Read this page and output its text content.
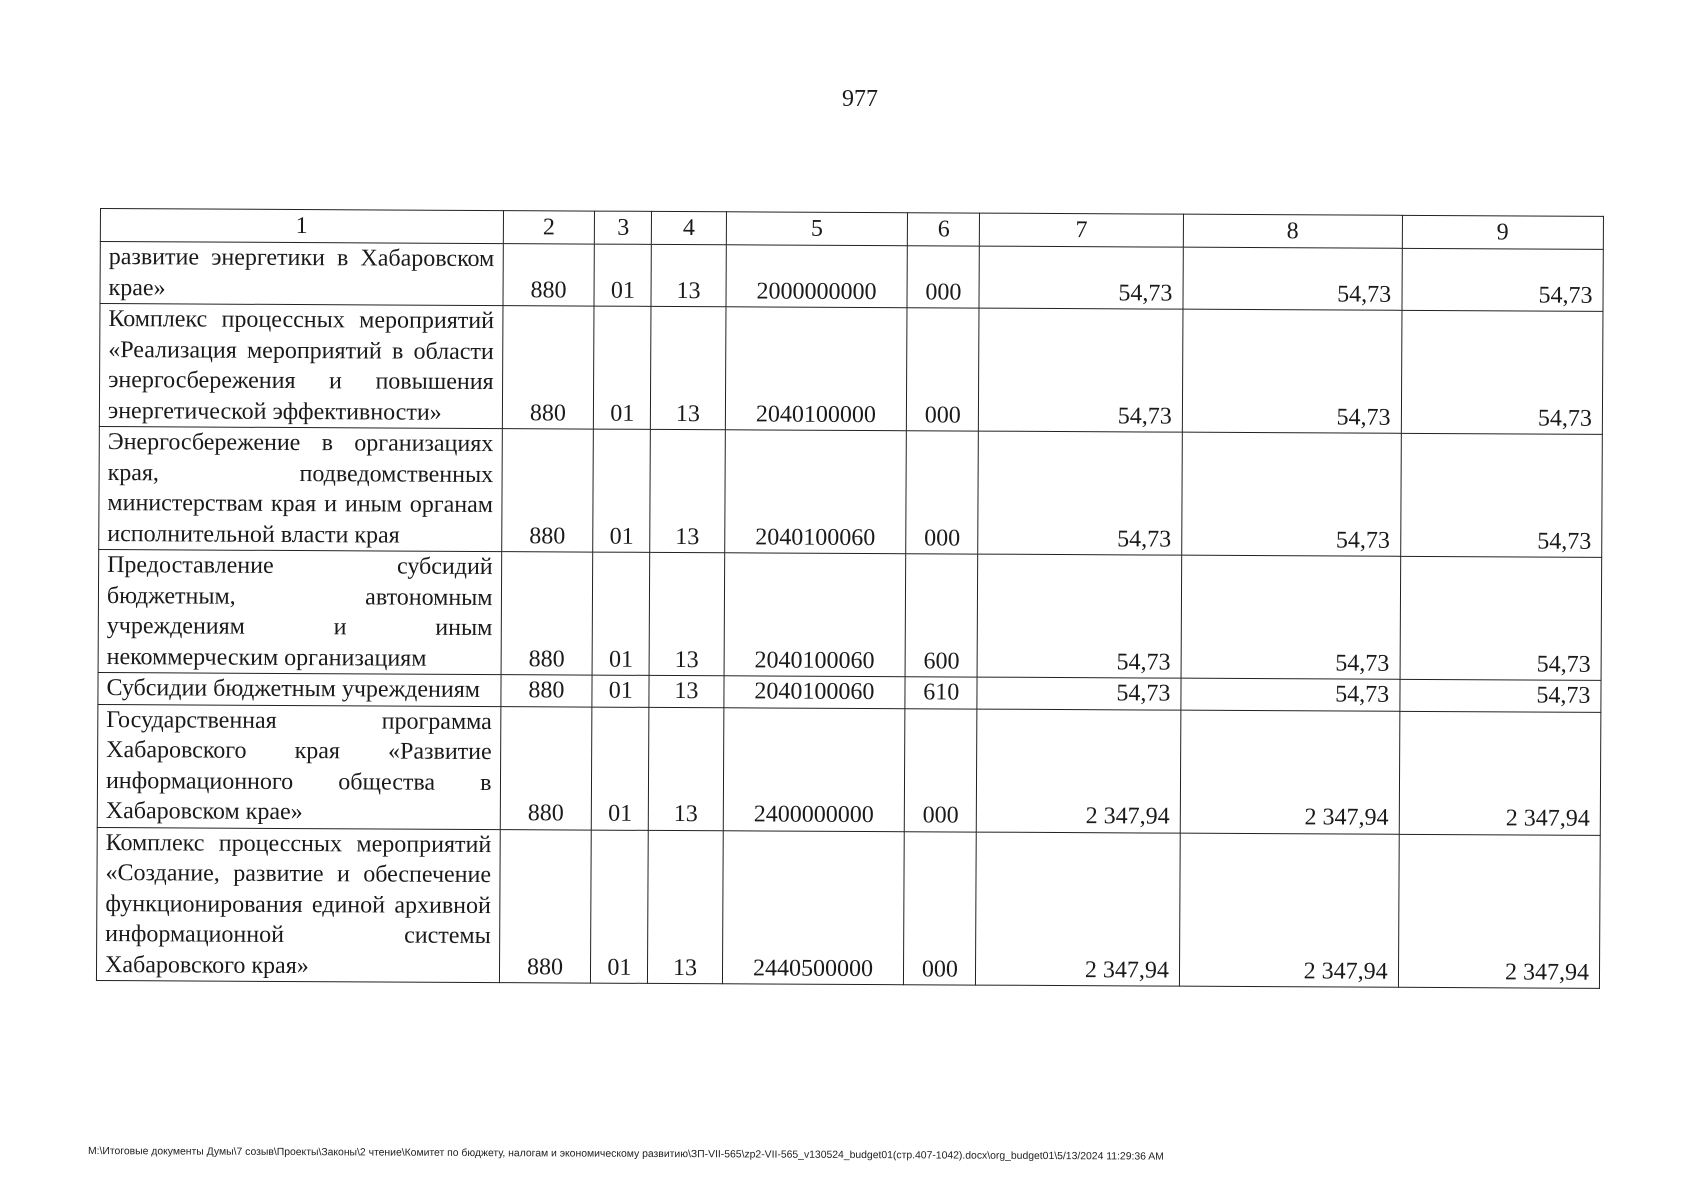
977
1	2	3	4	5	6	7	8	9
развитие энергетики в Хабаровском крае»	880	01	13	2000000000	000	54,73	54,73	54,73
Комплекс процессных мероприятий «Реализация мероприятий в области энергосбережения и повышения энергетической эффективности»	880	01	13	2040100000	000	54,73	54,73	54,73
Энергосбережение в организациях края, подведомственных министерствам края и иным органам исполнительной власти края	880	01	13	2040100060	000	54,73	54,73	54,73
Предоставление субсидий бюджетным, автономным учреждениям и иным некоммерческим организациям	880	01	13	2040100060	600	54,73	54,73	54,73
Субсидии бюджетным учреждениям	880	01	13	2040100060	610	54,73	54,73	54,73
Государственная программа Хабаровского края «Развитие информационного общества в Хабаровском крае»	880	01	13	2400000000	000	2 347,94	2 347,94	2 347,94
Комплекс процессных мероприятий «Создание, развитие и обеспечение функционирования единой архивной информационной системы Хабаровского края»	880	01	13	2440500000	000	2 347,94	2 347,94	2 347,94
M:\Итоговые документы Думы\7 созыв\Проекты\Законы\2 чтение\Комитет по бюджету, налогам и экономическому развитию\ЗП-VII-565\zp2-VII-565_v130524_budget01(стр.407-1042).docx\org_budget01\5/13/2024 11:29:36 AM
